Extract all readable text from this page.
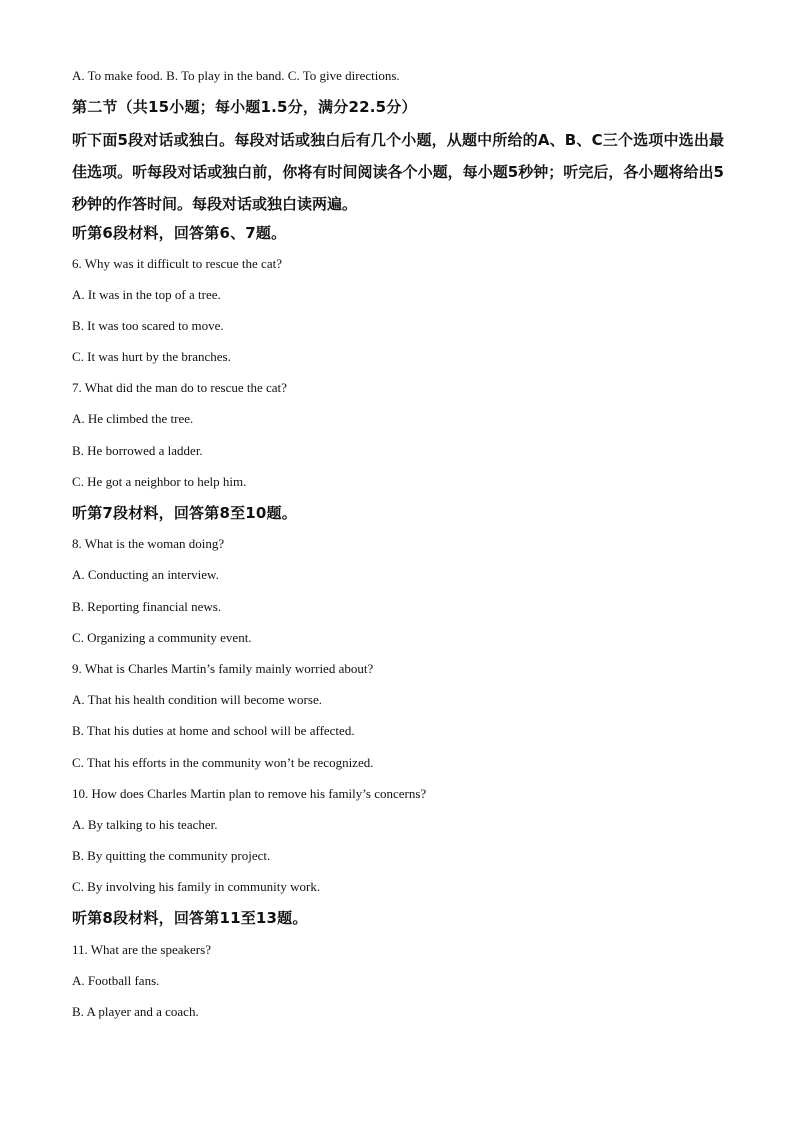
A. To make food. B. To play in the band. C. To give directions.
第二节（共15小题；每小题1.5分，满分22.5分）
听下面5段对话或独白。每段对话或独白后有几个小题，从题中所给的A、B、C三个选项中选出最佳选项。听每段对话或独白前，你将有时间阅读各个小题，每小题5秒钟；听完后，各小题将给出5秒钟的作答时间。每段对话或独白读两遍。
听第6段材料，回答第6、7题。
6. Why was it difficult to rescue the cat?
A. It was in the top of a tree.
B. It was too scared to move.
C. It was hurt by the branches.
7. What did the man do to rescue the cat?
A. He climbed the tree.
B. He borrowed a ladder.
C. He got a neighbor to help him.
听第7段材料，回答第8至10题。
8. What is the woman doing?
A. Conducting an interview.
B. Reporting financial news.
C. Organizing a community event.
9. What is Charles Martin’s family mainly worried about?
A. That his health condition will become worse.
B. That his duties at home and school will be affected.
C. That his efforts in the community won’t be recognized.
10. How does Charles Martin plan to remove his family’s concerns?
A. By talking to his teacher.
B. By quitting the community project.
C. By involving his family in community work.
听第8段材料，回答第11至13题。
11. What are the speakers?
A. Football fans.
B. A player and a coach.
